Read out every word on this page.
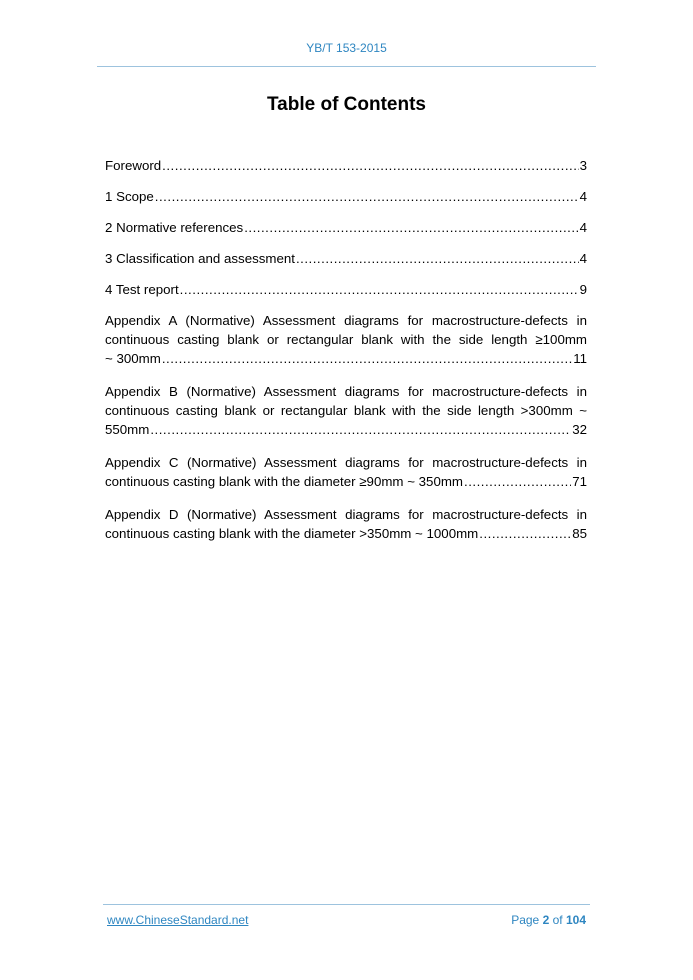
YB/T 153-2015
Table of Contents
Foreword .....	3
1 Scope .....	4
2 Normative references .....	4
3 Classification and assessment .....	4
4 Test report .....	9
Appendix A (Normative) Assessment diagrams for macrostructure-defects in
continuous casting blank or rectangular blank with the side length ≥100mm
~ 300mm .....	11
Appendix B (Normative) Assessment diagrams for macrostructure-defects in
continuous casting blank or rectangular blank with the side length >300mm ~
550mm .....	32
Appendix C (Normative) Assessment diagrams for macrostructure-defects in
continuous casting blank with the diameter ≥90mm ~ 350mm .....	71
Appendix D (Normative) Assessment diagrams for macrostructure-defects in
continuous casting blank with the diameter >350mm ~ 1000mm .....	85
www.ChineseStandard.net	Page 2 of 104
